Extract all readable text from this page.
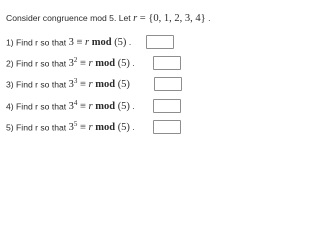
Consider congruence mod 5. Let r = {0, 1, 2, 3, 4} .
1) Find r so that 3 ≡ r mod (5) .
2) Find r so that $3^2 \equiv r$ mod (5) .
3) Find r so that $3^3 \equiv r$ mod (5)
4) Find r so that $3^4 \equiv r$ mod (5) .
5) Find r so that $3^5 \equiv r$ mod (5) .
